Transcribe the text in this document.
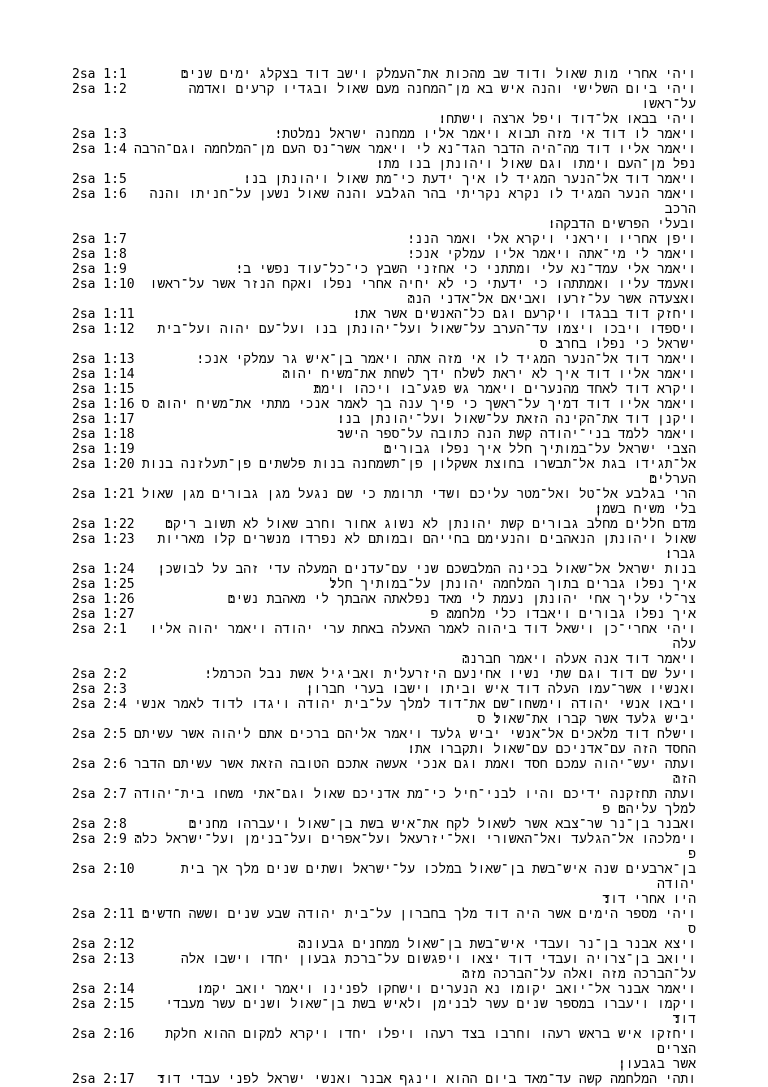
2sa 1:1	ויהי אחרי מות שאול ודוד שב מהכות את־העמלק וישב דוד בצקלג ימים שנים׃
2sa 1:2	ויהי ביום השלישי והנה איש בא מן־המחנה מעם שאול ובגדיו קרעים ואדמה על־ראשו
ויהי בבאו אל־דוד ויפל ארצה וישתחו׃
2sa 1:3	ויאמר לו דוד אי מזה תבוא ויאמר אליו ממחנה ישראל נמלטתי׃
2sa 1:4 ויאמר אליו דוד מה־היה הדבר הגד־נא לי ויאמר אשר־נס העם מן־המלחמה וגם־הרבה
נפל מן־העם וימתו וגם שאול ויהונתן בנו מתו׃
2sa 1:5	ויאמר דוד אל־הנער המגיד לו איך ידעת כי־מת שאול ויהונתן בנו׃
2sa 1:6	ויאמר הנער המגיד לו נקרא נקריתי בהר הגלבע והנה שאול נשען על־חניתו והנה הרכב
ובעלי הפרשים הדבקהו׃
2sa 1:7	ויפן אחריו ויראני ויקרא אלי ואמר הנני׃
2sa 1:8	ויאמר לי מי־אתה ויאמר אליו עמלקי אנכי׃
2sa 1:9	ויאמר אלי עמד־נא עלי ומתתני כי אחזני השבץ כי־כל־עוד נפשי בי׃
2sa 1:10	ואעמד עליו ואמתתהו כי ידעתי כי לא יחיה אחרי נפלו ואקח הנזר אשר על־ראשו
ואצעדה אשר על־זרעו ואביאם אל־אדני הנה׃
2sa 1:11	ויחזק דוד בבגדו ויקרעם וגם כל־האנשים אשר אתו׃
2sa 1:12	ויספדו ויבכו ויצמו עד־הערב על־שאול ועל־יהונתן בנו ועל־עם יהוה ועל־בית
ישראל כי נפלו בחרב׃ ס
2sa 1:13	ויאמר דוד אל־הנער המגיד לו אי מזה אתה ויאמר בן־איש גר עמלקי אנכי׃
2sa 1:14	ויאמר אליו דוד איך לא יראת לשלח ידך לשחת את־משיח יהוה׃
2sa 1:15	ויקרא דוד לאחד מהנערים ויאמר גש פגע־בו ויכהו וימת׃
2sa 1:16 ויאמר אליו דוד דמיך על־ראשך כי פיך ענה בך לאמר אנכי מתתי את־משיח יהוה׃ ס
2sa 1:17	ויקנן דוד את־הקינה הזאת על־שאול ועל־יהונתן בנו׃
2sa 1:18	ויאמר ללמד בני־יהודה קשת הנה כתובה על־ספר הישר׃
2sa 1:19	הצבי ישראל על־במותיך חלל איך נפלו גבורים׃
2sa 1:20 אל־תגידו בגת אל־תבשרו בחוצת אשקלון פן־תשמחנה בנות פלשתים פן־תעלזנה בנות
הערלים׃
2sa 1:21 הרי בגלבע אל־טל ואל־מטר עליכם ושדי תרומת כי שם נגעל מגן גבורים מגן שאול
בלי משיח בשמן׃
2sa 1:22	מדם חללים מחלב גבורים קשת יהונתן לא נשוג אחור וחרב שאול לא תשוב ריקם׃
2sa 1:23	שאול ויהונתן הנאהבים והנעימם בחייהם ובמותם לא נפרדו מנשרים קלו מאריות גברו׃
2sa 1:24	בנות ישראל אל־שאול בכינה המלבשכם שני עם־עדנים המעלה עדי זהב על לבושכן׃
2sa 1:25	איך נפלו גברים בתוך המלחמה יהונתן על־במותיך חלל׃
2sa 1:26	צר־לי עליך אחי יהונתן נעמת לי מאד נפלאתה אהבתך לי מאהבת נשים׃
2sa 1:27	איך נפלו גבורים ויאבדו כלי מלחמה׃ פ
2sa 2:1	ויהי אחרי־כן וישאל דוד ביהוה לאמר האעלה באחת ערי יהודה ויאמר יהוה אליו עלה
ויאמר דוד אנה אעלה ויאמר חברנה׃
2sa 2:2	ויעל שם דוד וגם שתי נשיו אחינעם היזרעלית ואביגיל אשת נבל הכרמלי׃
2sa 2:3	ואנשיו אשר־עמו העלה דוד איש וביתו וישבו בערי חברון׃
2sa 2:4 ויבאו אנשי יהודה וימשחו־שם את־דוד למלך על־בית יהודה ויגדו לדוד לאמר אנשי
יביש גלעד אשר קברו את־שאול׃ ס
2sa 2:5 וישלח דוד מלאכים אל־אנשי יביש גלעד ויאמר אליהם ברכים אתם ליהוה אשר עשיתם
החסד הזה עם־אדניכם עם־שאול ותקברו אתו׃
2sa 2:6 ועתה יעש־יהוה עמכם חסד ואמת וגם אנכי אעשה אתכם הטובה הזאת אשר עשיתם הדבר
הזה׃
2sa 2:7 ועתה תחזקנה ידיכם והיו לבני־חיל כי־מת אדניכם שאול וגם־אתי משחו בית־יהודה
למלך עליהם׃ פ
2sa 2:8	ואבנר בן־נר שר־צבא אשר לשאול לקח את־איש בשת בן־שאול ויעברהו מחנים׃
2sa 2:9 וימלכהו אל־הגלעד ואל־האשורי ואל־יזרעאל ועל־אפרים ועל־בנימן ועל־ישראל כלה׃ פ
2sa 2:10	בן־ארבעים שנה איש־בשת בן־שאול במלכו על־ישראל ושתים שנים מלך אך בית יהודה
היו אחרי דוד׃
2sa 2:11 ויהי מספר הימים אשר היה דוד מלך בחברון על־בית יהודה שבע שנים וששה חדשים׃ ס
2sa 2:12	ויצא אבנר בן־נר ועבדי איש־בשת בן־שאול ממחנים גבעונה׃
2sa 2:13	ויואב בן־צרויה ועבדי דוד יצאו ויפגשום על־ברכת גבעון יחדו וישבו אלה
על־הברכה מזה ואלה על־הברכה מזה׃
2sa 2:14	ויאמר אבנר אל־יואב יקומו נא הנערים וישחקו לפנינו ויאמר יואב יקמו׃
2sa 2:15	ויקמו ויעברו במספר שנים עשר לבנימן ולאיש בשת בן־שאול ושנים עשר מעבדי דוד׃
2sa 2:16	ויחזקו איש בראש רעהו וחרבו בצד רעהו ויפלו יחדו ויקרא למקום ההוא חלקת הצרים
אשר בגבעון׃
2sa 2:17	ותהי המלחמה קשה עד־מאד ביום ההוא וינגף אבנר ואנשי ישראל לפני עבדי דוד׃
